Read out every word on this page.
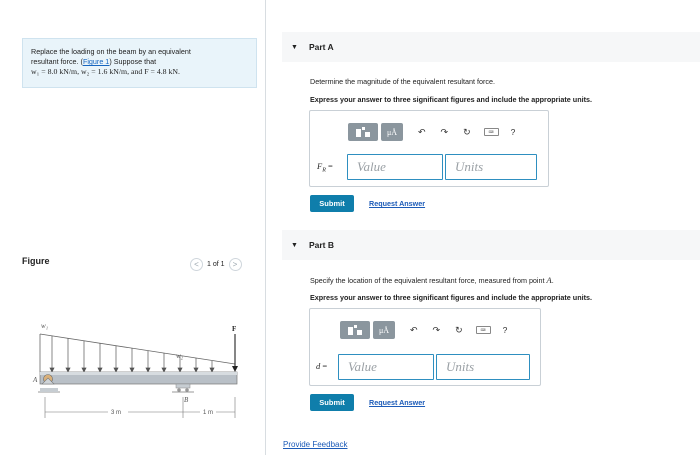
Replace the loading on the beam by an equivalent
resultant force. (Figure 1) Suppose that
w₁ = 8.0 kN/m, w₂ = 1.6 kN/m, and F = 4.8 kN.
Figure	<	1 of 1	>
w₁
w₂
F
A
B
3 m	1 m
▼ Part A
Determine the magnitude of the equivalent resultant force.
Express your answer to three significant figures and include the appropriate units.
μÅ	↶ ↷ ↻	⌨	?
$F_R$ =	Value	Units
Submit	Request Answer
▼ Part B
Specify the location of the equivalent resultant force, measured from point A.
Express your answer to three significant figures and include the appropriate units.
μÅ	↶ ↷ ↻	⌨	?
d =	Value	Units
Submit	Request Answer
Provide Feedback
